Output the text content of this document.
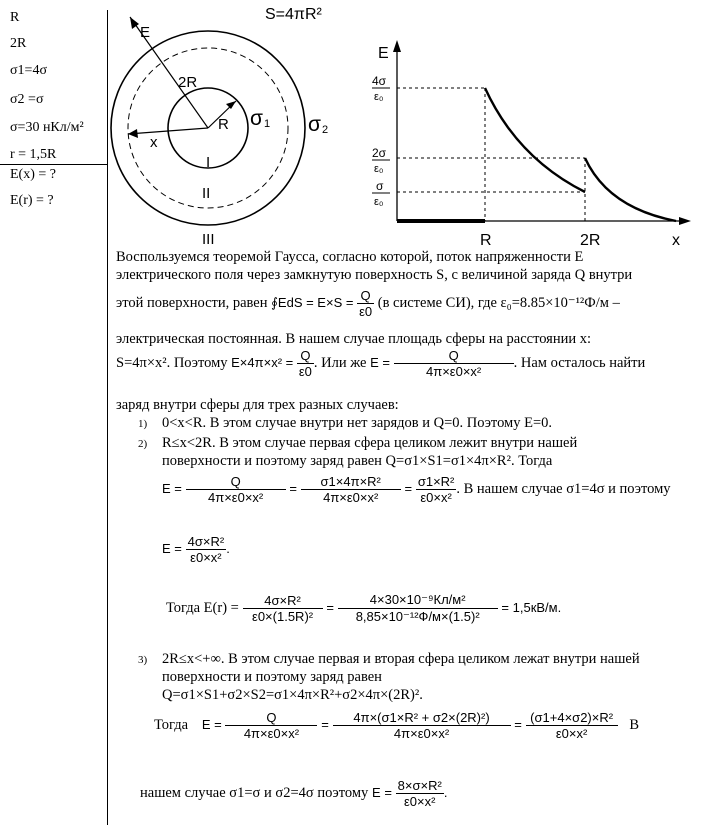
R
2R
σ1=4σ
σ2 =σ
σ=30 нКл/м²
r = 1,5R
E(x) = ?
E(r) = ?
E
2R
R
x
I
II
III
σ 1 σ 2
S=4πR²
E
x
R	2R
4σ
ε₀
2σ
ε₀
σ
ε₀
Воспользуемся теоремой Гаусса, согласно которой, поток напряженности E
электрического поля через замкнутую поверхность S, с величиной заряда Q внутри
этой поверхности, равен ∮EdS = $E\times S = \frac{Q}{\varepsilon 0} (в$ системе СИ), где ε₀=8.85×10⁻¹²Ф/м –
электрическая постоянная. В нашем случае площадь сферы на расстоянии x:
S=4π×x². Поэтому $E\times 4\pi\times x^2 = \frac{Q}{\varepsilon 0}$ . Или же $E = \frac{Q}{\text{4π×ε0×x²}}$ . Нам осталось найти
заряд внутри сферы для трех разных случаев:
1) 0<x<R. В этом случае внутри нет зарядов и Q=0. Поэтому E=0.
2) R≤x<2R. В этом случае первая сфера целиком лежит внутри нашей
поверхности и поэтому заряд равен Q=σ1×S1=σ1×4π×R². Тогда
$E = \frac{Q}{\text{4π×ε0×x²}} = \frac{\text{σ1×4π×R²}}{\text{4π×ε0×x²}} = \frac{\text{σ1×R²}}{\text{ε0×x²}}$ . В нашем случае σ1=4σ и поэтому
$E = \frac{\text{4σ×R²}}{\text{ε0×x²}}$ .
Тогда $E(r) = \frac{\text{4σ×R²}}{\text{ε0×(1.5R)²}} = \frac{\text{4×30×10⁻⁹Кл/м²}}{\text{8,85×10⁻¹²Ф/м×(1.5)²}} = 1,5кВ/м$.
3) 2R≤x<+∞. В этом случае первая и вторая сфера целиком лежат внутри нашей
поверхности и поэтому заряд равен
Q=σ1×S1+σ2×S2=σ1×4π×R²+σ2×4π×(2R)².
Тогда $E = \frac{Q}{\text{4π×ε0×x²}} = \frac{\text{4π×(σ1×R² + σ2×(2R)²)}}{\text{4π×ε0×x²}} = \frac{\text{(σ1+4×σ2)×R²}}{\text{ε0×x²}}$ В
нашем случае σ1=σ и σ2=4σ поэтому $E = \frac{\text{8×σ×R²}}{\text{ε0×x²}}$ .
